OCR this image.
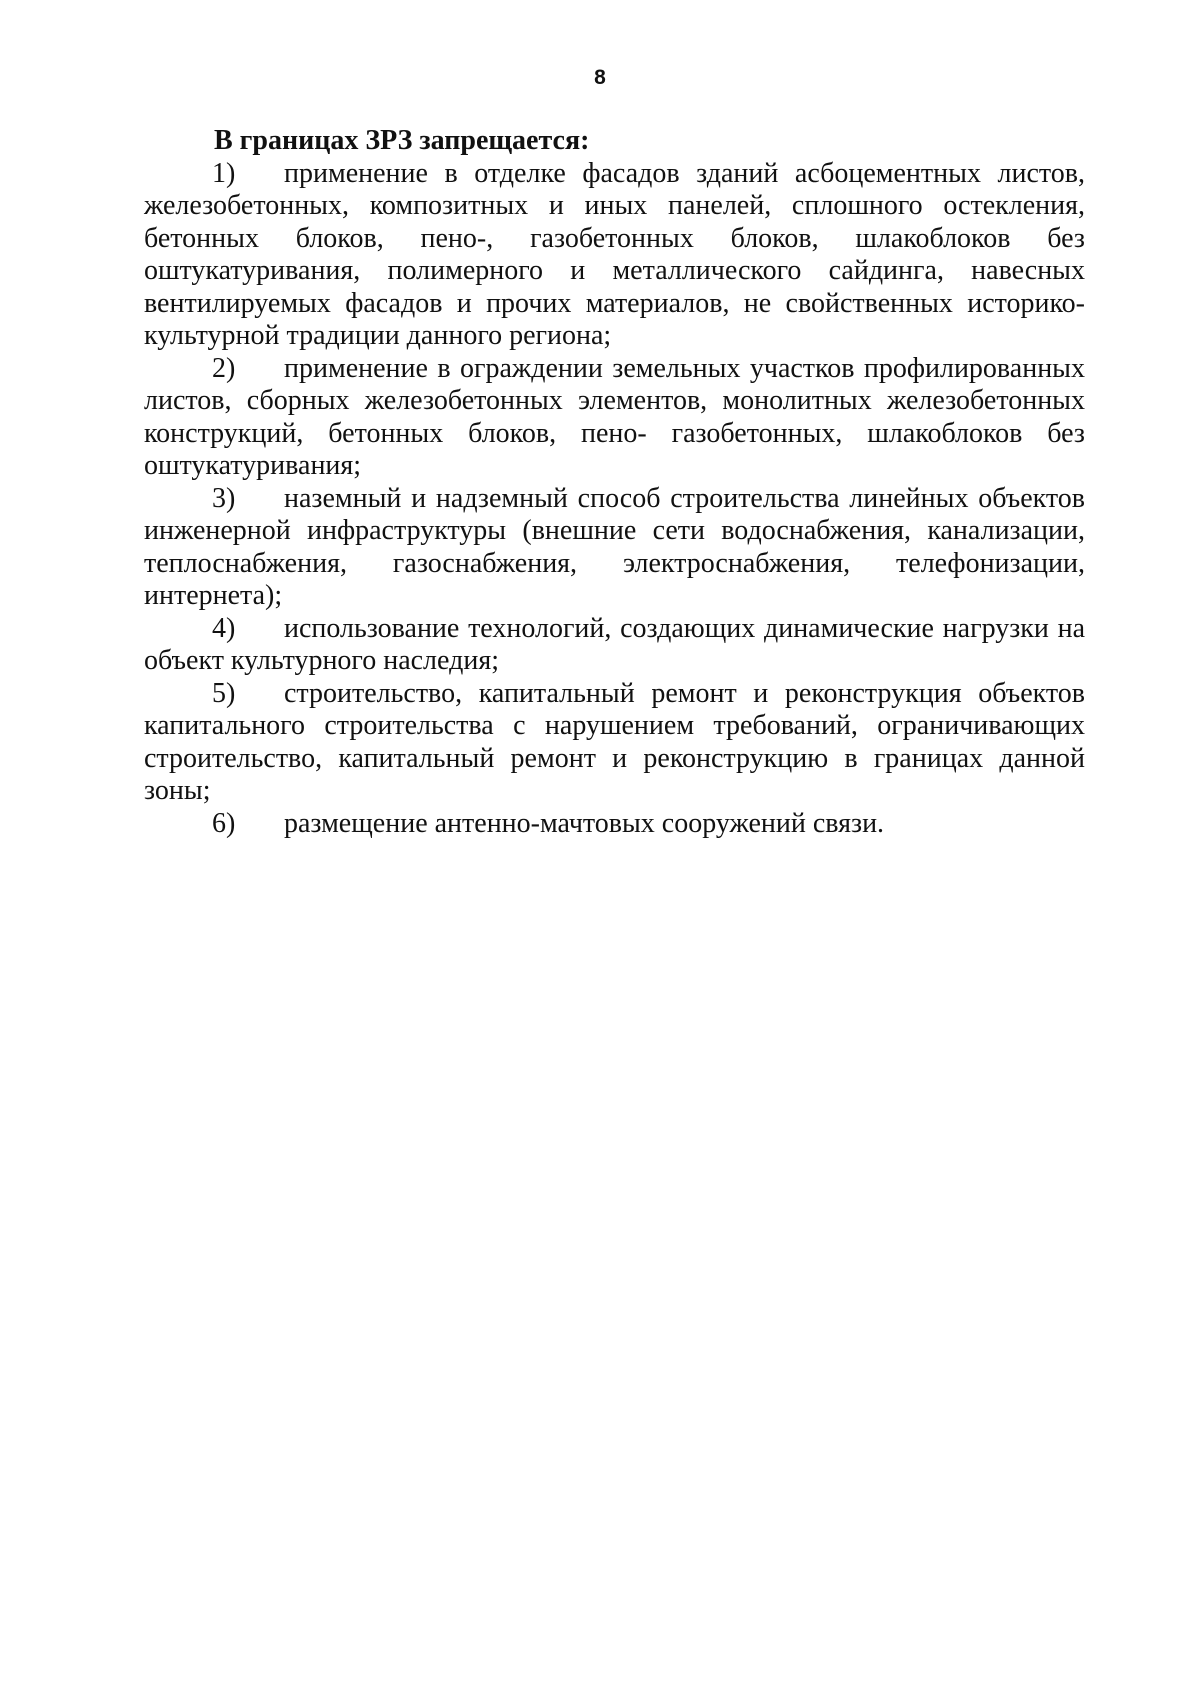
8

В границах ЗРЗ запрещается:

1) применение в отделке фасадов зданий асбоцементных листов, железобетонных, композитных и иных панелей, сплошного остекления, бетонных блоков, пено-, газобетонных блоков, шлакоблоков без оштукатуривания, полимерного и металлического сайдинга, навесных вентилируемых фасадов и прочих материалов, не свойственных историко-культурной традиции данного региона;

2) применение в ограждении земельных участков профилированных листов, сборных железобетонных элементов, монолитных железобетонных конструкций, бетонных блоков, пено- газобетонных, шлакоблоков без оштукатуривания;

3) наземный и надземный способ строительства линейных объектов инженерной инфраструктуры (внешние сети водоснабжения, канализации, теплоснабжения, газоснабжения, электроснабжения, телефонизации, интернета);

4) использование технологий, создающих динамические нагрузки на объект культурного наследия;

5) строительство, капитальный ремонт и реконструкция объектов капитального строительства с нарушением требований, ограничивающих строительство, капитальный ремонт и реконструкцию в границах данной зоны;

6) размещение антенно-мачтовых сооружений связи.
